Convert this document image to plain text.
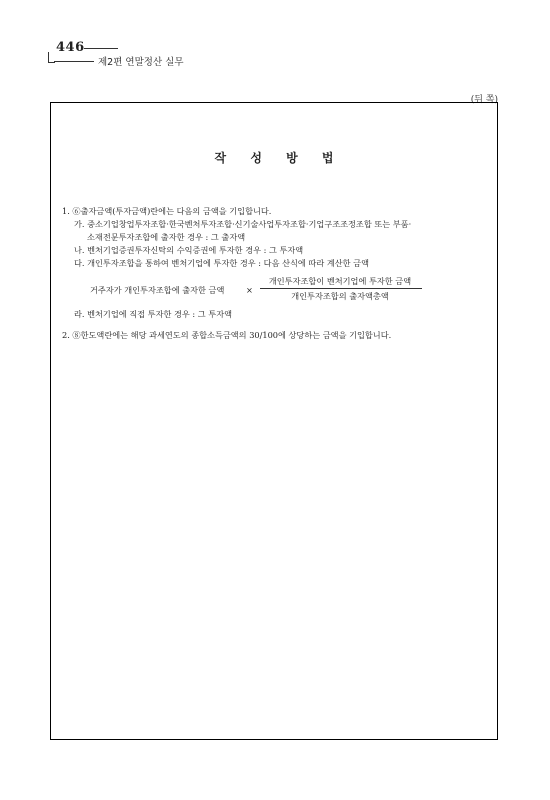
446
제2편 연말정산 실무
(뒤 쪽)
작 성 방 법
1. ⑥출자금액(투자금액)란에는 다음의 금액을 기입합니다.
가. 중소기업창업투자조합·한국벤처투자조합·신기술사업투자조합·기업구조조정조합 또는 부품·
소재전문투자조합에 출자한 경우 : 그 출자액
나. 벤처기업증권투자신탁의 수익증권에 투자한 경우 : 그 투자액
다. 개인투자조합을 통하여 벤처기업에 투자한 경우 : 다음 산식에 따라 계산한 금액
거주자가 개인투자조합에 출자한 금액	×
개인투자조합이 벤처기업에 투자한 금액
개인투자조합의 출자액총액
라. 벤처기업에 직접 투자한 경우 : 그 투자액
2. ⑧한도액란에는 해당 과세연도의 종합소득금액의 30/100에 상당하는 금액을 기입합니다.
